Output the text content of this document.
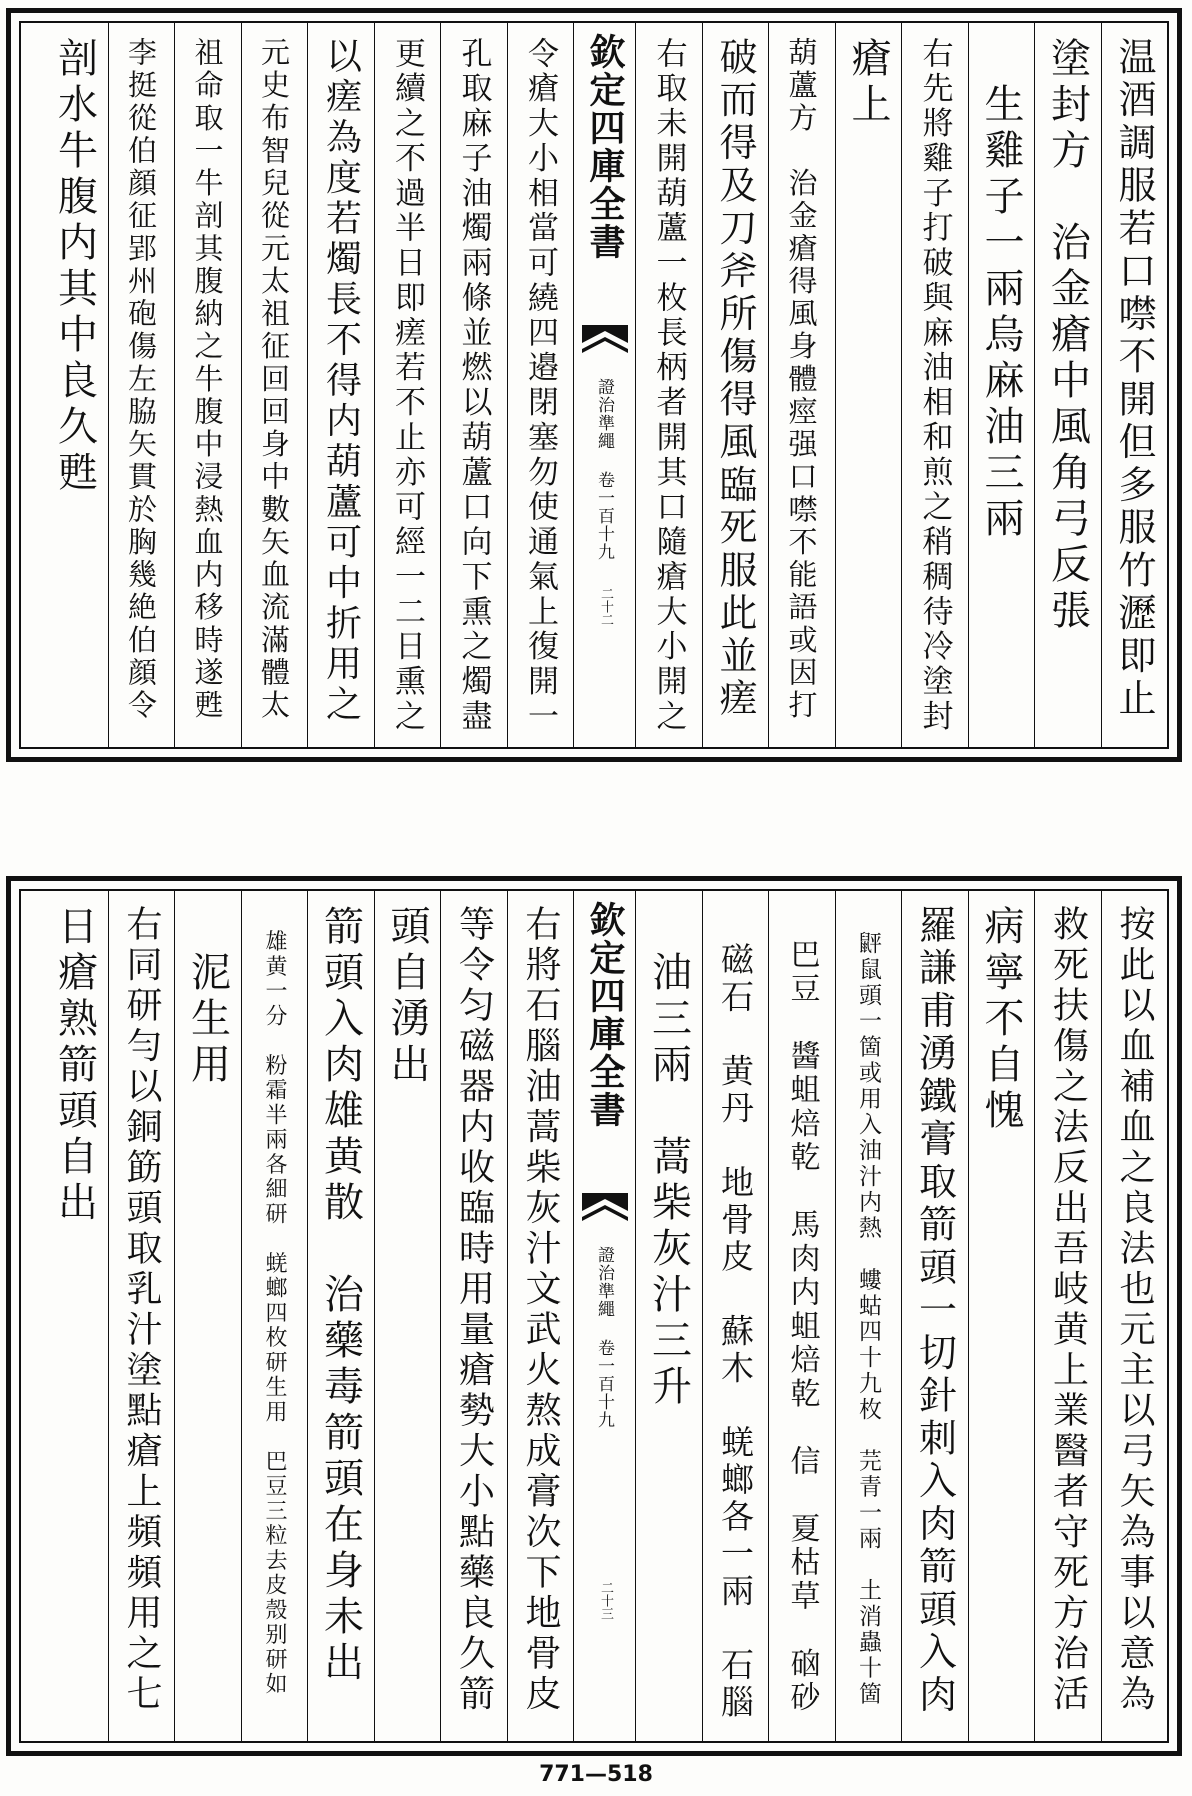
温酒調服若口噤不開但多服竹瀝即止
塗封方　治金瘡中風角弓反張
　生雞子一兩烏麻油三兩
右先將雞子打破與麻油相和煎之稍稠待冷塗封
瘡上
葫蘆方　治金瘡得風身體痙强口噤不能語或因打
破而得及刀斧所傷得風臨死服此並瘥
右取未開葫蘆一枚長柄者開其口隨瘡大小開之
欽定四庫全書
證治準繩 卷一百十九
二十二
令瘡大小相當可繞四邉閉塞勿使通氣上復開一
孔取麻子油燭兩條並燃以葫蘆口向下熏之燭盡
更續之不過半日即瘥若不止亦可經一二日熏之
以瘥為度若燭長不得内葫蘆可中折用之
元史布智兒從元太祖征回回身中數矢血流滿體太
祖命取一牛剖其腹納之牛腹中浸熱血内移時遂甦
李挺從伯顔征郢州砲傷左脇矢貫於胸幾絶伯顔令
剖水牛腹内其中良久甦
按此以血補血之良法也元主以弓矢為事以意為
救死扶傷之法反出吾岐黄上業醫者守死方治活
病寧不自愧
羅謙甫湧鐵膏取箭頭一切針刺入肉箭頭入肉
　䶄鼠頭一箇或用入油汁内熱　螻蛄四十九枚　芫青一兩　土消蟲十箇
　巴豆　醬蛆焙乾　馬肉内蛆焙乾　信　夏枯草　硇砂
　磁石　黄丹　地骨皮　蘇木　蜣螂各一兩　石腦
　油三兩　蒿柴灰汁三升
欽定四庫全書
證治準繩 卷一百十九
二十三
右將石腦油蒿柴灰汁文武火熬成膏次下地骨皮
等令匀磁器内收臨時用量瘡勢大小點藥良久箭
頭自湧出
箭頭入肉雄黄散　治藥毒箭頭在身未出
　雄黄一分　粉霜半兩各細研　蜣螂四枚研生用　巴豆三粒去皮殼别研如
　泥生用
右同研勻以銅筯頭取乳汁塗點瘡上頻頻用之七
日瘡熟箭頭自出
771—518
